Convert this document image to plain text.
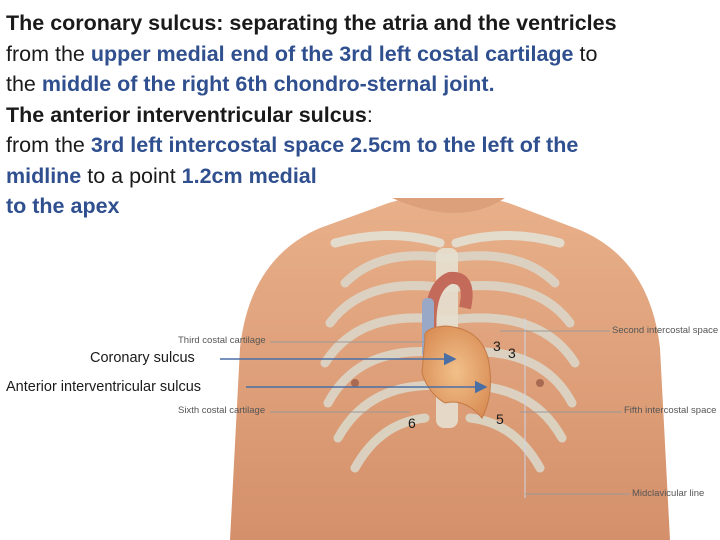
The coronary sulcus: separating the atria and the ventricles
from the upper medial end of the 3rd left costal cartilage to
the middle of the right 6th chondro-sternal joint.
The anterior interventricular sulcus:
from the 3rd left intercostal space 2.5cm to the left of the
midline to a point 1.2cm medial
to the apex
Third costal cartilage
Sixth costal cartilage
Second intercostal space
Fifth intercostal space
Midclavicular line
Coronary sulcus
Anterior interventricular sulcus
3 3
6	5
